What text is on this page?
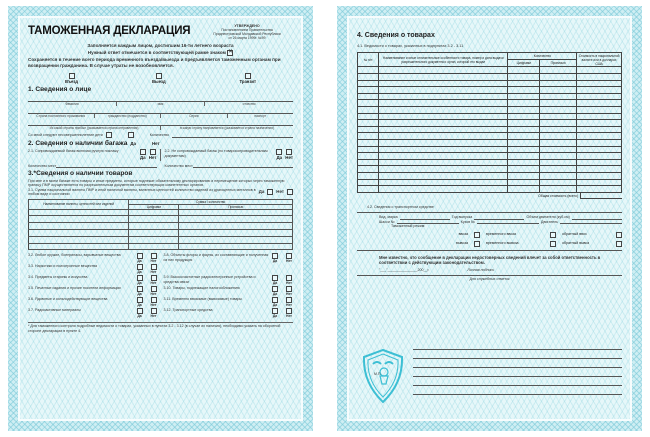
ТАМОЖЕННАЯ ДЕКЛАРАЦИЯ	УТВЕРЖДЕНО
Постановлением Правительства
Приднестровской Молдавской Республики
от 26 марта 1999г. №99
Заполняется каждым лицом, достигшим 16-ти летнего возраста
Нужный ответ отмечается в соответствующей рамке знаком ×
Сохраняется в течение всего периода временного въезда/выезда и предъявляется таможенным органам при возвращении гражданина. В случае утраты не возобновляется.

Въезд	Выезд	Транзит
1. Сведения о лице
Фамилия	имя	отчество
Страна постоянного проживания	гражданство (подданство)	Серия	паспорт
Из какой страны прибыл (указывается страна отправления)	в какую страну направляется (указывается страна назначения)
Со мной следуют несовершеннолетние дети	Количество
2. Сведения о наличии багажа Да	Нет
2.1. Сопровождаемый багаж включая ручную поклажу

Да Нет
2.2. Не сопровождаемый багаж (по товаросопроводительным документам)	Да Нет
Количество мест	Количество мест
3.*Сведения о наличии товаров
При мне и в моем багаже есть товары и иные предметы, которые подлежат обязательному декларированию и перемещение которых через таможенную границу ПМР осуществляется по разрешительным документам соответствующих компетентных органов.
3.1. Сумма национальной валюты ПМР и иной наличной валюты, валютных ценностей количество изделий из драгоценных металлов в любом виде и состоянии	Да	Нет
Наименование валюты, ценностей или изделий	Сумма / количество	
	Цифрами	Прописью

3.2. Любое оружие, боеприпасы, взрывчатые вещества

Да	Нет
3.3. Наркотики и психотропные вещества

Да	Нет
3.4. Предметы старины и искусства

Да	Нет
3.5. Печатные издания и прочие носители информации

Да	Нет
3.6. Ядовитые и сильнодействующие вещества

Да	Нет
3.7. Радиоактивные материалы

Да	Нет
3.8. Объекты флоры и фауны, их составляющие и полученная из них продукция	Да	Нет
3.9. Высокочастотные радиоэлектронные устройства и средства связи	Да	Нет
3.10. Товары, подлежащие налогообложению

Да	Нет
3.11. Временно ввозимые (вывозимые) товары

Да	Нет
3.12. Транспортные средства

Да	Нет
* Для таможенного контроля подробные ведомости о товарах, указанных в пунктах 3.2 - 3.12 (в случае их наличия), необходимо указать на оборотной стороне декларации в пункте 4.
4. Сведения о товарах
4.1. Ведомости о товарах, указанных в подпунктах 3.2 - 3.11
№ п/п	Наименование и иные отличительные особенности товара, номер и дата выдачи разрешительного документа и орган, который его выдал	Количество		Стоимость в национальной валюте или в долларах США
		Цифрами	Прописью	

Общая стоимость (всего)
4.2. Сведения о транспортном средстве
Вид, марка	Год выпуска	Объем двигателя (куб.см)
Шасси №	Кузов №	Двигатель
Таможенный режим:
ввоза	временного ввоза	обратный ввоз
вывоза	временного вывоза	обратный вывоз
Мне известно, что сообщение в декларации недостоверных сведений влечет за собой ответственность в соответствии с действующим законодательством.
"___"_______________200__г.	Личная подпись
Для служебных отметок
М.П.
